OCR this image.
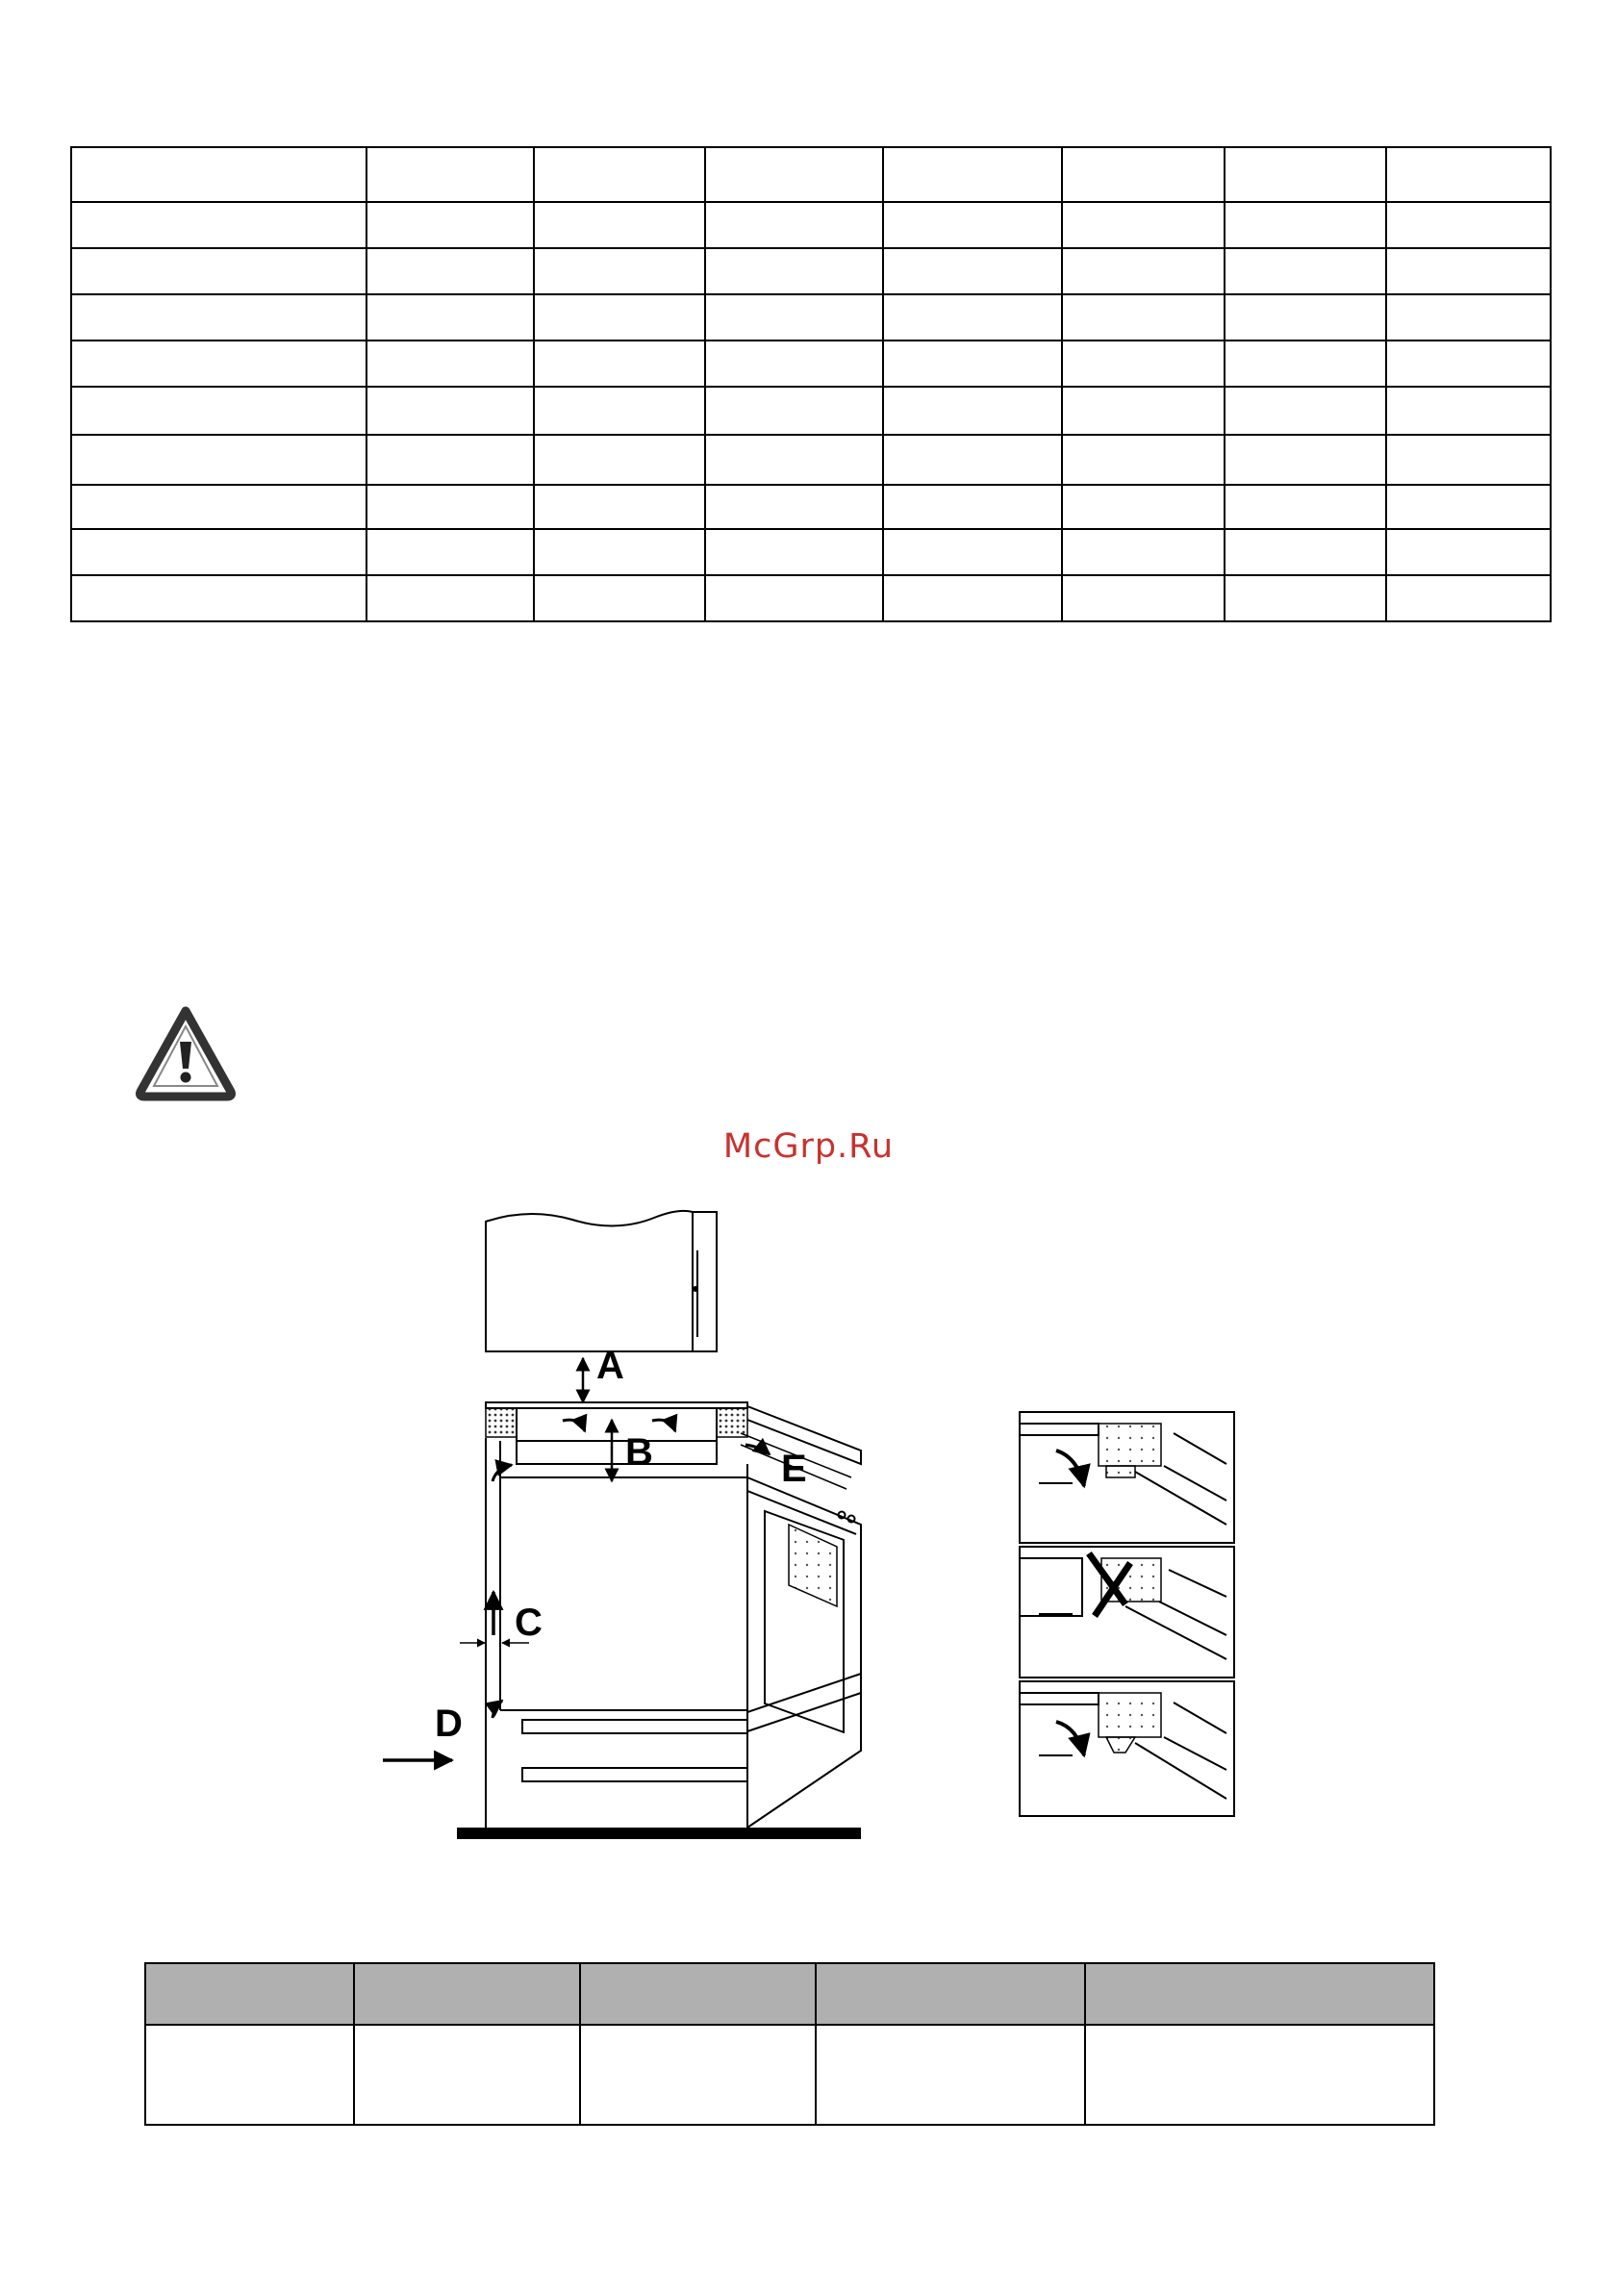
McGrp.Ru
A
B	E
C
D
